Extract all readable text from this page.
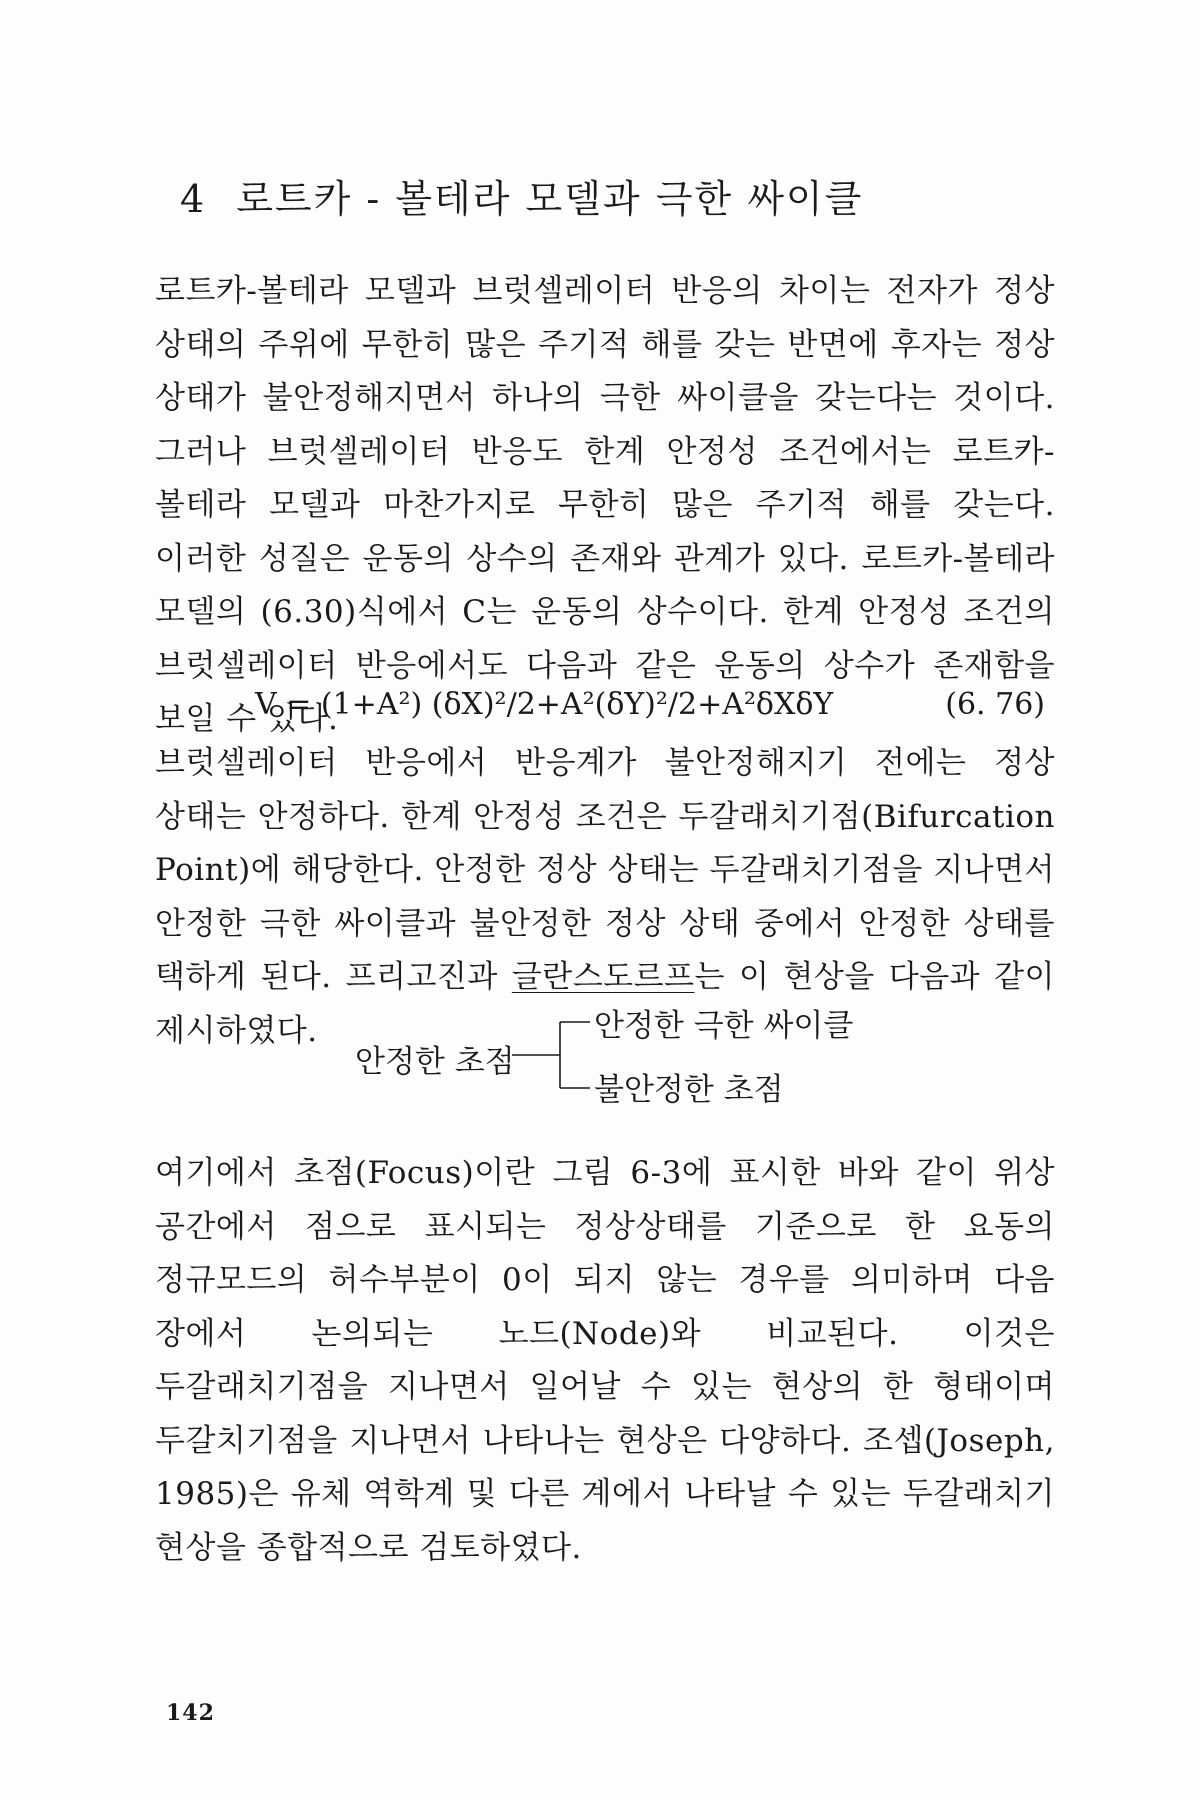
4 로트카 - 볼테라 모델과 극한 싸이클
로트카-볼테라 모델과 브럿셀레이터 반응의 차이는 전자가 정상 상태의 주위에 무한히 많은 주기적 해를 갖는 반면에 후자는 정상 상태가 불안정해지면서 하나의 극한 싸이클을 갖는다는 것이다. 그러나 브럿셀레이터 반응도 한계 안정성 조건에서는 로트카-볼테라 모델과 마찬가지로 무한히 많은 주기적 해를 갖는다. 이러한 성질은 운동의 상수의 존재와 관계가 있다. 로트카-볼테라 모델의 (6.30)식에서 C는 운동의 상수이다. 한계 안정성 조건의 브럿셀레이터 반응에서도 다음과 같은 운동의 상수가 존재함을 보일 수 있다.
V = (1+A²) (δX)²/2+A²(δY)²/2+A²δXδY	(6. 76)
브럿셀레이터 반응에서 반응계가 불안정해지기 전에는 정상 상태는 안정하다. 한계 안정성 조건은 두갈래치기점(Bifurcation Point)에 해당한다. 안정한 정상 상태는 두갈래치기점을 지나면서 안정한 극한 싸이클과 불안정한 정상 상태 중에서 안정한 상태를 택하게 된다. 프리고진과 글란스도르프는 이 현상을 다음과 같이 제시하였다.
안정한 초점
안정한 극한 싸이클
불안정한 초점
여기에서 초점(Focus)이란 그림 6-3에 표시한 바와 같이 위상 공간에서 점으로 표시되는 정상상태를 기준으로 한 요동의 정규모드의 허수부분이 0이 되지 않는 경우를 의미하며 다음 장에서 논의되는 노드(Node)와 비교된다. 이것은 두갈래치기점을 지나면서 일어날 수 있는 현상의 한 형태이며 두갈치기점을 지나면서 나타나는 현상은 다양하다. 조셉(Joseph, 1985)은 유체 역학계 및 다른 계에서 나타날 수 있는 두갈래치기 현상을 종합적으로 검토하였다.
142
